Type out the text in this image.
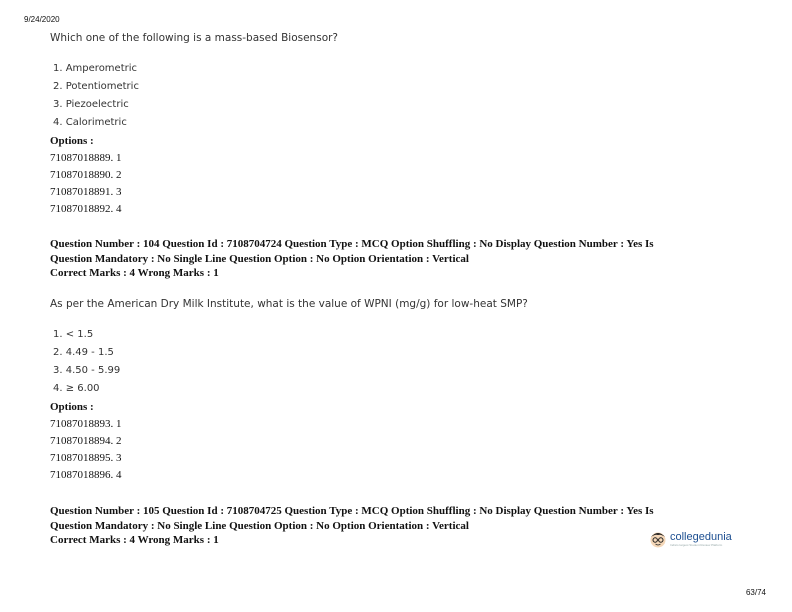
9/24/2020
Which one of the following is a mass-based Biosensor?
1. Amperometric
2. Potentiometric
3. Piezoelectric
4. Calorimetric
Options :
71087018889. 1
71087018890. 2
71087018891. 3
71087018892. 4
Question Number : 104 Question Id : 7108704724 Question Type : MCQ Option Shuffling : No Display Question Number : Yes Is
Question Mandatory : No Single Line Question Option : No Option Orientation : Vertical
Correct Marks : 4 Wrong Marks : 1
As per the American Dry Milk Institute, what is the value of WPNI (mg/g) for low-heat SMP?
1. < 1.5
2. 4.49 - 1.5
3. 4.50 - 5.99
4. ≥ 6.00
Options :
71087018893. 1
71087018894. 2
71087018895. 3
71087018896. 4
Question Number : 105 Question Id : 7108704725 Question Type : MCQ Option Shuffling : No Display Question Number : Yes Is
Question Mandatory : No Single Line Question Option : No Option Orientation : Vertical
Correct Marks : 4 Wrong Marks : 1	collegedunia
India's largest Student Review Platform
63/74
